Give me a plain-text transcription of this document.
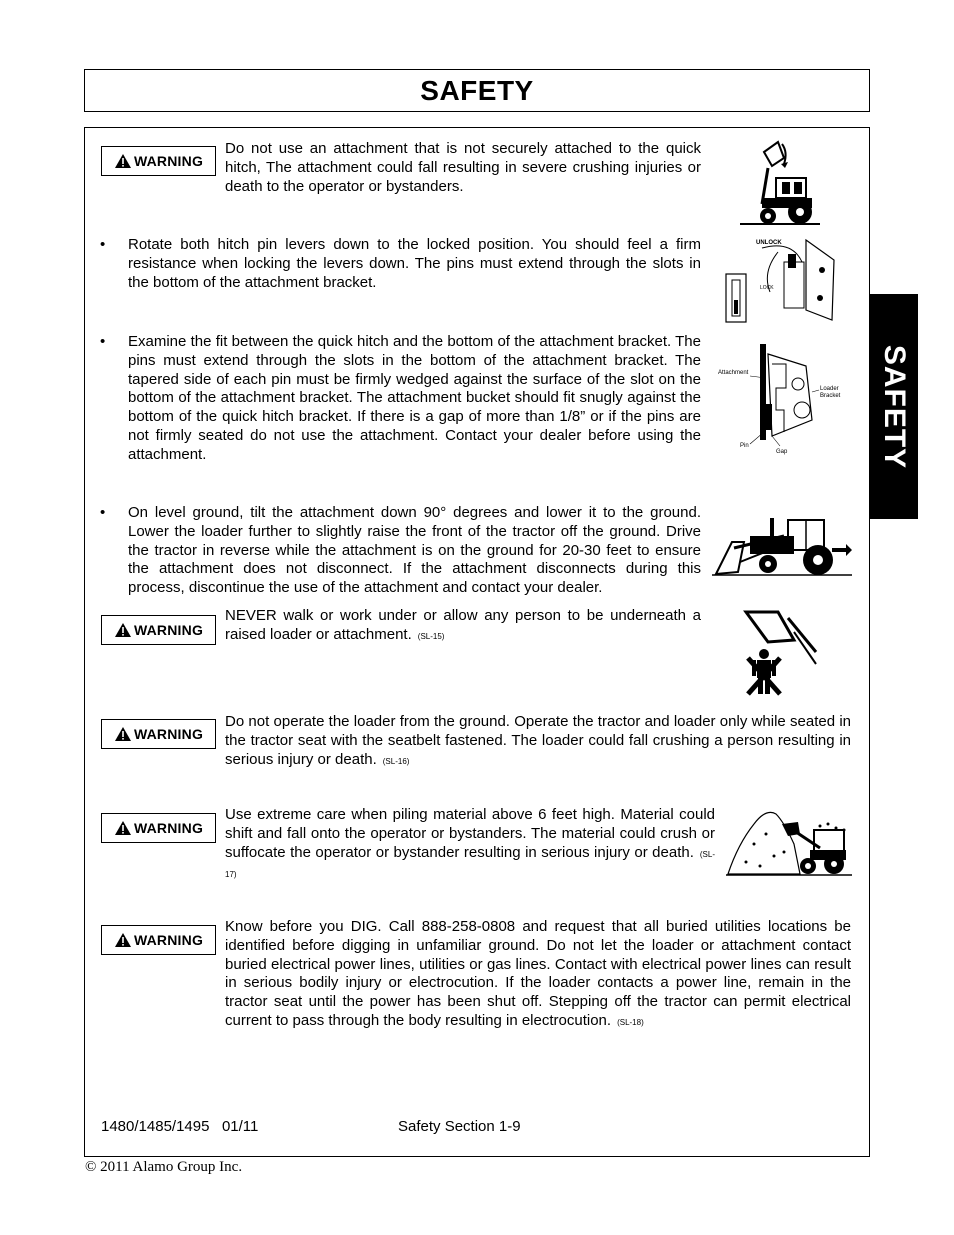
SAFETY
SAFETY
WARNING
Do not use an attachment that is not securely attached to the quick hitch, The attachment could fall resulting in severe crushing injuries or death to the operator or bystanders.
• Rotate both hitch pin levers down to the locked position. You should feel a firm resistance when locking the levers down. The pins must extend through the slots in the bottom of the attachment bracket.
UNLOCK
LOCK
• Examine the fit between the quick hitch and the bottom of the attachment bracket. The pins must extend through the slots in the bottom of the attachment bracket. The tapered side of each pin must be firmly wedged against the surface of the slot on the bottom of the attachment bracket. The attachment bucket should fit snugly against the bottom of the quick hitch bracket. If there is a gap of more than 1/8” or if the pins are not firmly seated do not use the attachment. Contact your dealer before using the attachment.
Attachment
Loader
Bracket
Pin
Gap
• On level ground, tilt the attachment down 90° degrees and lower it to the ground. Lower the loader further to slightly raise the front of the tractor off the ground. Drive the tractor in reverse while the attachment is on the ground for 20-30 feet to ensure the attachment does not disconnect. If the attachment disconnects during this process, discontinue the use of the attachment and contact your dealer.
WARNING
NEVER walk or work under or allow any person to be underneath a raised loader or attachment. (SL-15)
WARNING
Do not operate the loader from the ground. Operate the tractor and loader only while seated in the tractor seat with the seatbelt fastened. The loader could fall crushing a person resulting in serious injury or death. (SL-16)
WARNING
Use extreme care when piling material above 6 feet high. Material could shift and fall onto the operator or bystanders. The material could crush or suffocate the operator or bystander resulting in serious injury or death. (SL-17)
WARNING
Know before you DIG. Call 888-258-0808 and request that all buried utilities locations be identified before digging in unfamiliar ground. Do not let the loader or attachment contact buried electrical power lines, utilities or gas lines. Contact with electrical power lines can result in serious bodily injury or electrocution. If the loader contacts a power line, remain in the tractor seat until the power has been shut off. Stepping off the tractor can permit electrical current to pass through the body resulting in electrocution. (SL-18)
1480/1485/1495   01/11	Safety Section 1-9
© 2011 Alamo Group Inc.
